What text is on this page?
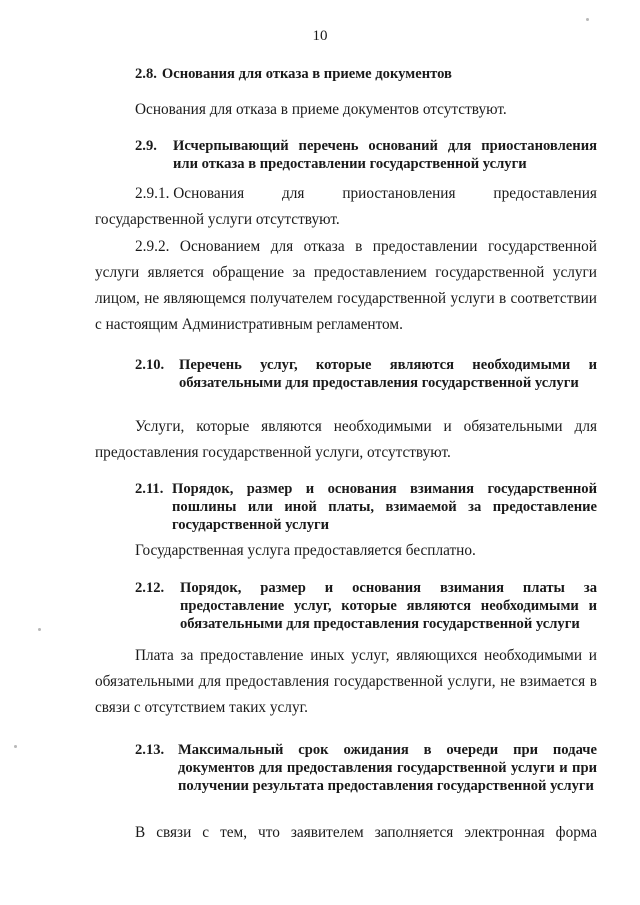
10
2.8. Основания для отказа в приеме документов
Основания для отказа в приеме документов отсутствуют.
2.9.	Исчерпывающий перечень оснований для приостановления или отказа в предоставлении государственной услуги
2.9.1. Основания для приостановления предоставления
государственной услуги отсутствуют.
2.9.2. Основанием для отказа в предоставлении государственной услуги является обращение за предоставлением государственной услуги лицом, не являющемся получателем государственной услуги в соответствии с настоящим Административным регламентом.
2.10.	Перечень услуг, которые являются необходимыми и обязательными для предоставления государственной услуги
Услуги, которые являются необходимыми и обязательными для предоставления государственной услуги, отсутствуют.
2.11. Порядок, размер и основания взимания государственной пошлины или иной платы, взимаемой за предоставление государственной услуги
Государственная услуга предоставляется бесплатно.
2.12.	Порядок, размер и основания взимания платы за предоставление услуг, которые являются необходимыми и обязательными для предоставления государственной услуги
Плата за предоставление иных услуг, являющихся необходимыми и обязательными для предоставления государственной услуги, не взимается в связи с отсутствием таких услуг.
2.13. Максимальный срок ожидания в очереди при подаче документов для предоставления государственной услуги и при получении результата предоставления государственной услуги
В связи с тем, что заявителем заполняется электронная форма
